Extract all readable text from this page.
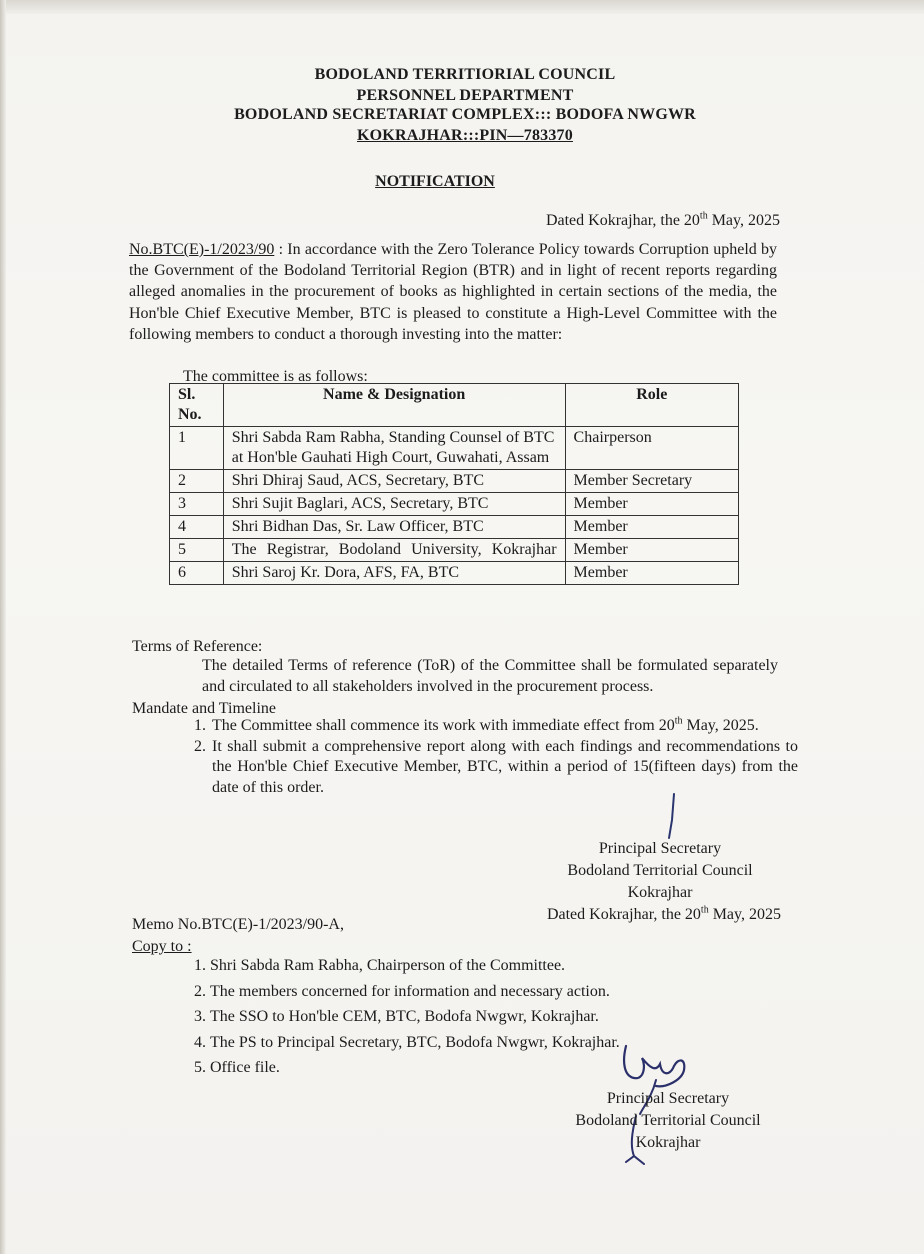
BODOLAND TERRITIORIAL COUNCIL
PERSONNEL DEPARTMENT
BODOLAND SECRETARIAT COMPLEX::: BODOFA NWGWR
KOKRAJHAR:::PIN—783370
NOTIFICATION
Dated Kokrajhar, the 20th May, 2025
No.BTC(E)-1/2023/90 : In accordance with the Zero Tolerance Policy towards Corruption upheld by the Government of the Bodoland Territorial Region (BTR) and in light of recent reports regarding alleged anomalies in the procurement of books as highlighted in certain sections of the media, the Hon'ble Chief Executive Member, BTC is pleased to constitute a High-Level Committee with the following members to conduct a thorough investing into the matter:
The committee is as follows:
Sl. No.	Name & Designation	Role
1	Shri Sabda Ram Rabha, Standing Counsel of BTC at Hon'ble Gauhati High Court, Guwahati, Assam	Chairperson
2	Shri Dhiraj Saud, ACS, Secretary, BTC	Member Secretary
3	Shri Sujit Baglari, ACS, Secretary, BTC	Member
4	Shri Bidhan Das, Sr. Law Officer, BTC	Member
5	The Registrar, Bodoland University, Kokrajhar	Member
6	Shri Saroj Kr. Dora, AFS, FA, BTC	Member
Terms of Reference:
The detailed Terms of reference (ToR) of the Committee shall be formulated separately and circulated to all stakeholders involved in the procurement process.
Mandate and Timeline
1. The Committee shall commence its work with immediate effect from 20th May, 2025.
2. It shall submit a comprehensive report along with each findings and recommendations to the Hon'ble Chief Executive Member, BTC, within a period of 15(fifteen days) from the date of this order.
Principal Secretary
Bodoland Territorial Council
Kokrajhar
Memo No.BTC(E)-1/2023/90-A,
Dated Kokrajhar, the 20th May, 2025
Copy to :
1. Shri Sabda Ram Rabha, Chairperson of the Committee.
2. The members concerned for information and necessary action.
3. The SSO to Hon'ble CEM, BTC, Bodofa Nwgwr, Kokrajhar.
4. The PS to Principal Secretary, BTC, Bodofa Nwgwr, Kokrajhar.
5. Office file.
Principal Secretary
Bodoland Territorial Council
Kokrajhar
